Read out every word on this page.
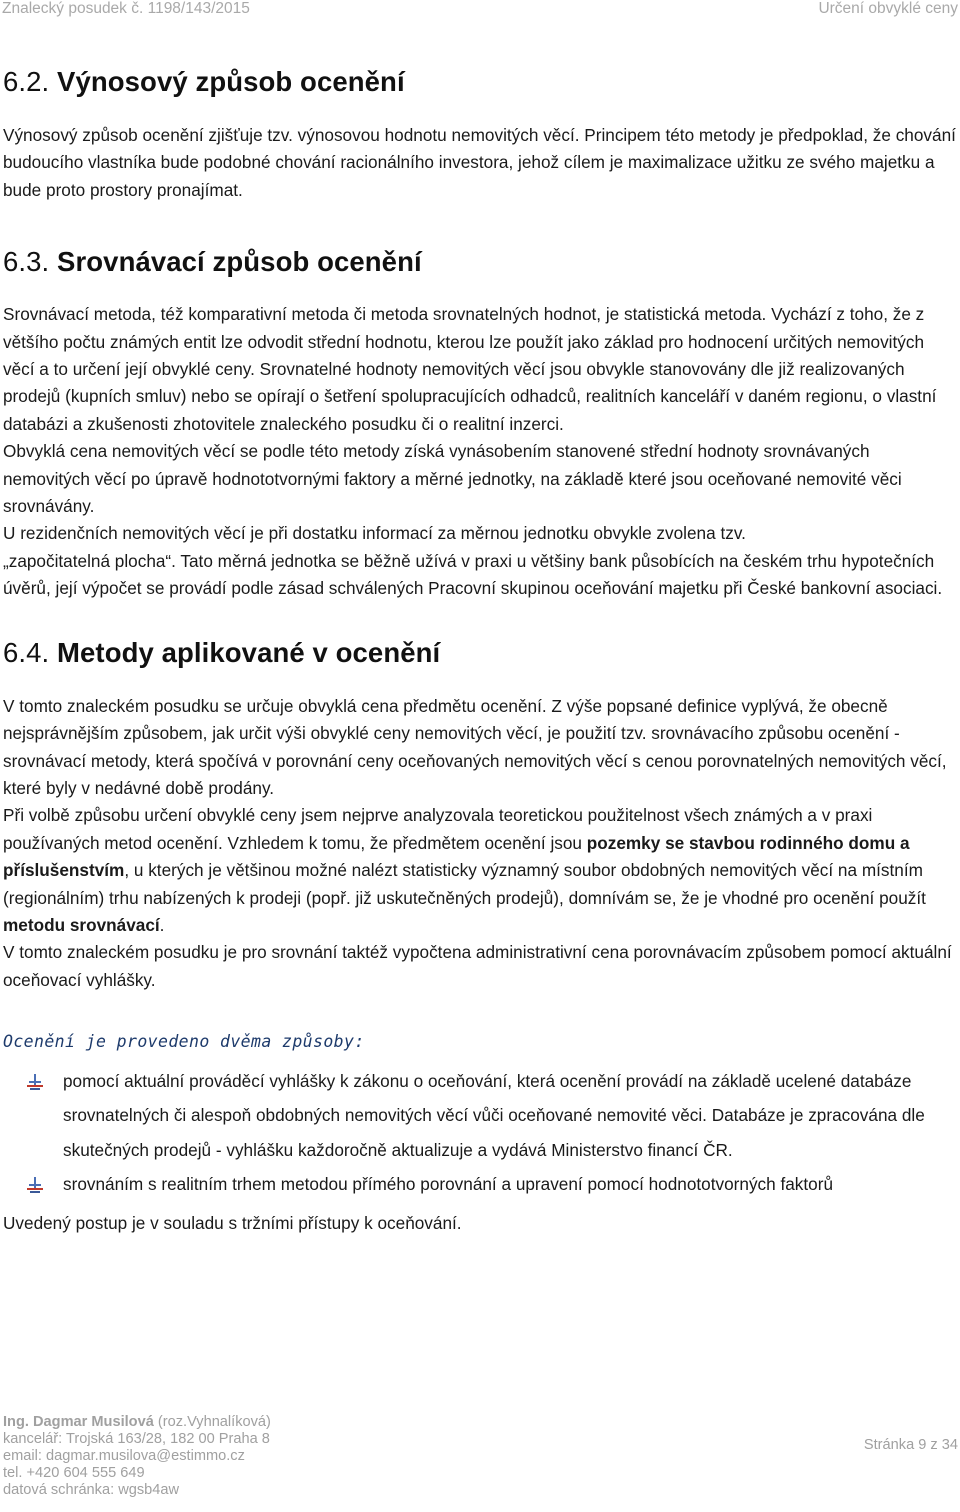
Znalecký posudek č. 1198/143/2015	Určení obvyklé ceny
6.2. Výnosový způsob ocenění

Výnosový způsob ocenění zjišťuje tzv. výnosovou hodnotu nemovitých věcí. Principem této metody je předpoklad, že chování budoucího vlastníka bude podobné chování racionálního investora, jehož cílem je maximalizace užitku ze svého majetku a bude proto prostory pronajímat.

6.3. Srovnávací způsob ocenění

Srovnávací metoda, též komparativní metoda či metoda srovnatelných hodnot, je statistická metoda. Vychází z toho, že z většího počtu známých entit lze odvodit střední hodnotu, kterou lze použít jako základ pro hodnocení určitých nemovitých věcí a to určení její obvyklé ceny. Srovnatelné hodnoty nemovitých věcí jsou obvykle stanovovány dle již realizovaných prodejů (kupních smluv) nebo se opírají o šetření spolupracujících odhadců, realitních kanceláří v daném regionu, o vlastní databázi a zkušenosti zhotovitele znaleckého posudku či o realitní inzerci.

Obvyklá cena nemovitých věcí se podle této metody získá vynásobením stanovené střední hodnoty srovnávaných nemovitých věcí po úpravě hodnototvornými faktory a měrné jednotky, na základě které jsou oceňované nemovité věci srovnávány.

U rezidenčních nemovitých věcí je při dostatku informací za měrnou jednotku obvykle zvolena tzv.

„započitatelná plocha“. Tato měrná jednotka se běžně užívá v praxi u většiny bank působících na českém trhu hypotečních úvěrů, její výpočet se provádí podle zásad schválených Pracovní skupinou oceňování majetku při České bankovní asociaci.

6.4. Metody aplikované v ocenění

V tomto znaleckém posudku se určuje obvyklá cena předmětu ocenění. Z výše popsané definice vyplývá, že obecně nejsprávnějším způsobem, jak určit výši obvyklé ceny nemovitých věcí, je použití tzv. srovnávacího způsobu ocenění - srovnávací metody, která spočívá v porovnání ceny oceňovaných nemovitých věcí s cenou porovnatelných nemovitých věcí, které byly v nedávné době prodány.

Při volbě způsobu určení obvyklé ceny jsem nejprve analyzovala teoretickou použitelnost všech známých a v praxi používaných metod ocenění. Vzhledem k tomu, že předmětem ocenění jsou pozemky se stavbou rodinného domu a příslušenstvím, u kterých je většinou možné nalézt statisticky významný soubor obdobných nemovitých věcí na místním (regionálním) trhu nabízených k prodeji (popř. již uskutečněných prodejů), domnívám se, že je vhodné pro ocenění použít metodu srovnávací.

V tomto znaleckém posudku je pro srovnání taktéž vypočtena administrativní cena porovnávacím způsobem pomocí aktuální oceňovací vyhlášky.

Ocenění je provedeno dvěma způsoby:

pomocí aktuální prováděcí vyhlášky k zákonu o oceňování, která ocenění provádí na základě ucelené databáze srovnatelných či alespoň obdobných nemovitých věcí vůči oceňované nemovité věci. Databáze je zpracována dle skutečných prodejů - vyhlášku každoročně aktualizuje a vydává Ministerstvo financí ČR.
srovnáním s realitním trhem metodou přímého porovnání a upravení pomocí hodnototvorných faktorů

Uvedený postup je v souladu s tržními přístupy k oceňování.

Ing. Dagmar Musilová (roz.Vyhnalíková)
kancelář: Trojská 163/28, 182 00 Praha 8
email: dagmar.musilova@estimmo.cz
tel. +420 604 555 649
datová schránka: wgsb4aw
Stránka 9 z 34
